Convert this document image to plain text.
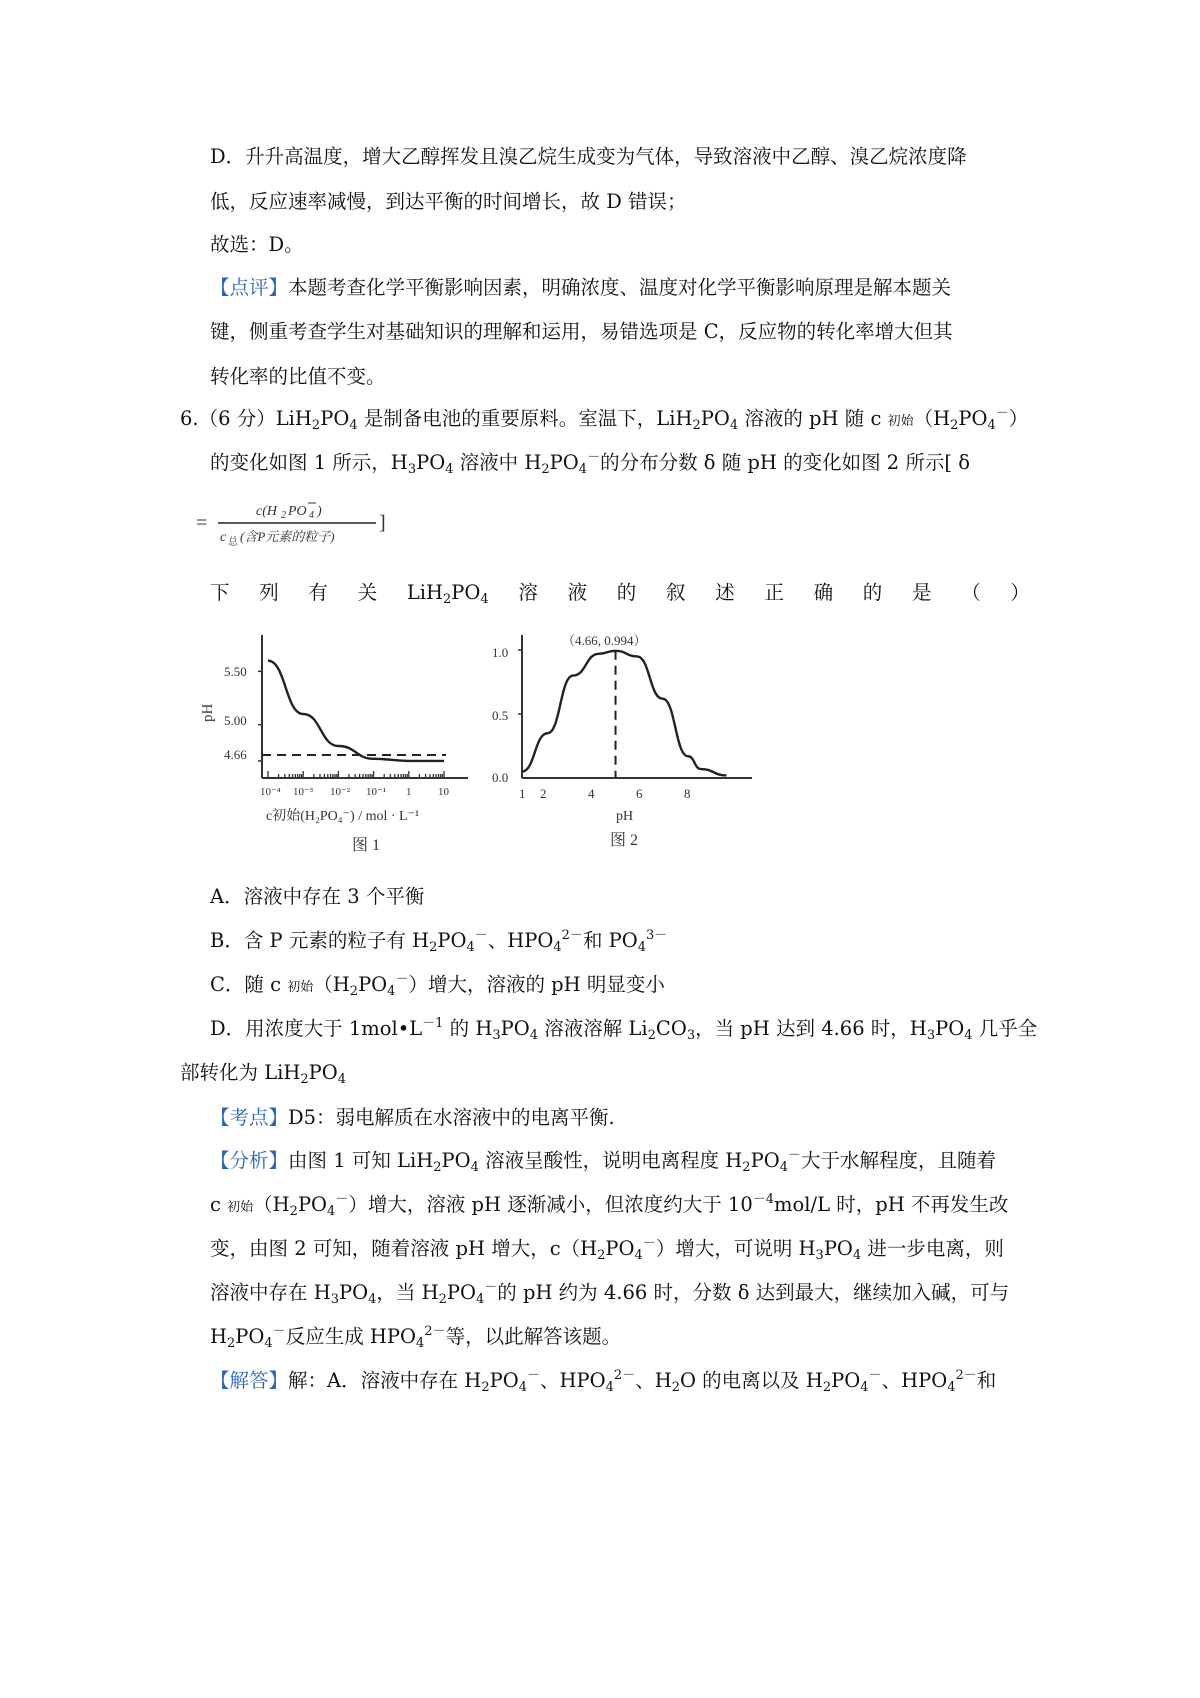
D．升升高温度，增大乙醇挥发且溴乙烷生成变为气体，导致溶液中乙醇、溴乙烷浓度降
低，反应速率减慢，到达平衡的时间增长，故 D 错误；
故选：D。
【点评】本题考查化学平衡影响因素，明确浓度、温度对化学平衡影响原理是解本题关
键，侧重考查学生对基础知识的理解和运用，易错选项是 C，反应物的转化率增大但其
转化率的比值不变。
6.（6 分）$LiH_2PO_4$ 是制备电池的重要原料。室温下，$LiH_2PO_4$ 溶液的 pH 随 c 初始$(H_2PO_4^-)$
的变化如图 1 所示，$H_3PO_4$ 溶液中 $H_2PO_4^-$的分布分数 δ 随 pH 的变化如图 2 所示[ δ
=
c(H 2 PO 4 )
c 总 (含P元素的粒子)
]
下 列 有 关 $LiH_2PO_4$ 溶 液 的 叙 述 正 确 的 是 （ ）
5.50
5.00
4.66
pH
10⁻⁴ 10⁻³ 10⁻² 10⁻¹ 1 10
c初始(H₂PO₄⁻) / mol · L⁻¹
图 1
1.0
0.5
0.0
（4.66, 0.994）
1 2	4	6	8
pH
图 2
A．溶液中存在 3 个平衡
B．含 P 元素的粒子有 $H_2PO_4^-$、$HPO_4^{2-}$和 $PO_4^{3-}$
C．随 c 初始$(H_2PO_4^-)$增大，溶液的 pH 明显变小
D．用浓度大于 $1mol•L^{-1}$ 的 $H_3PO_4$ 溶液溶解 $Li_2CO_3$，当 pH 达到 4.66 时，$H_3PO_4$ 几乎全
部转化为 $LiH_2PO_4$
【考点】D5：弱电解质在水溶液中的电离平衡.
【分析】由图 1 可知 $LiH_2PO_4$ 溶液呈酸性，说明电离程度 $H_2PO_4^-$大于水解程度，且随着
c 初始$(H_2PO_4^-)$增大，溶液 pH 逐渐减小，但浓度约大于 $10^{-4}mol/L$ 时，pH 不再发生改
变，由图 2 可知，随着溶液 pH 增大，$c(H_2PO_4^-)$增大，可说明 $H_3PO_4$ 进一步电离，则
溶液中存在 $H_3PO_4$，当 $H_2PO_4^-$的 pH 约为 4.66 时，分数 δ 达到最大，继续加入碱，可与
$H_2PO_4^-$反应生成 $HPO_4^{2-}$等，以此解答该题。
【解答】解：A．溶液中存在 $H_2PO_4^-$、$HPO_4^{2-}$、$H_2O$ 的电离以及 $H_2PO_4^-$、$HPO_4^{2-}$和
